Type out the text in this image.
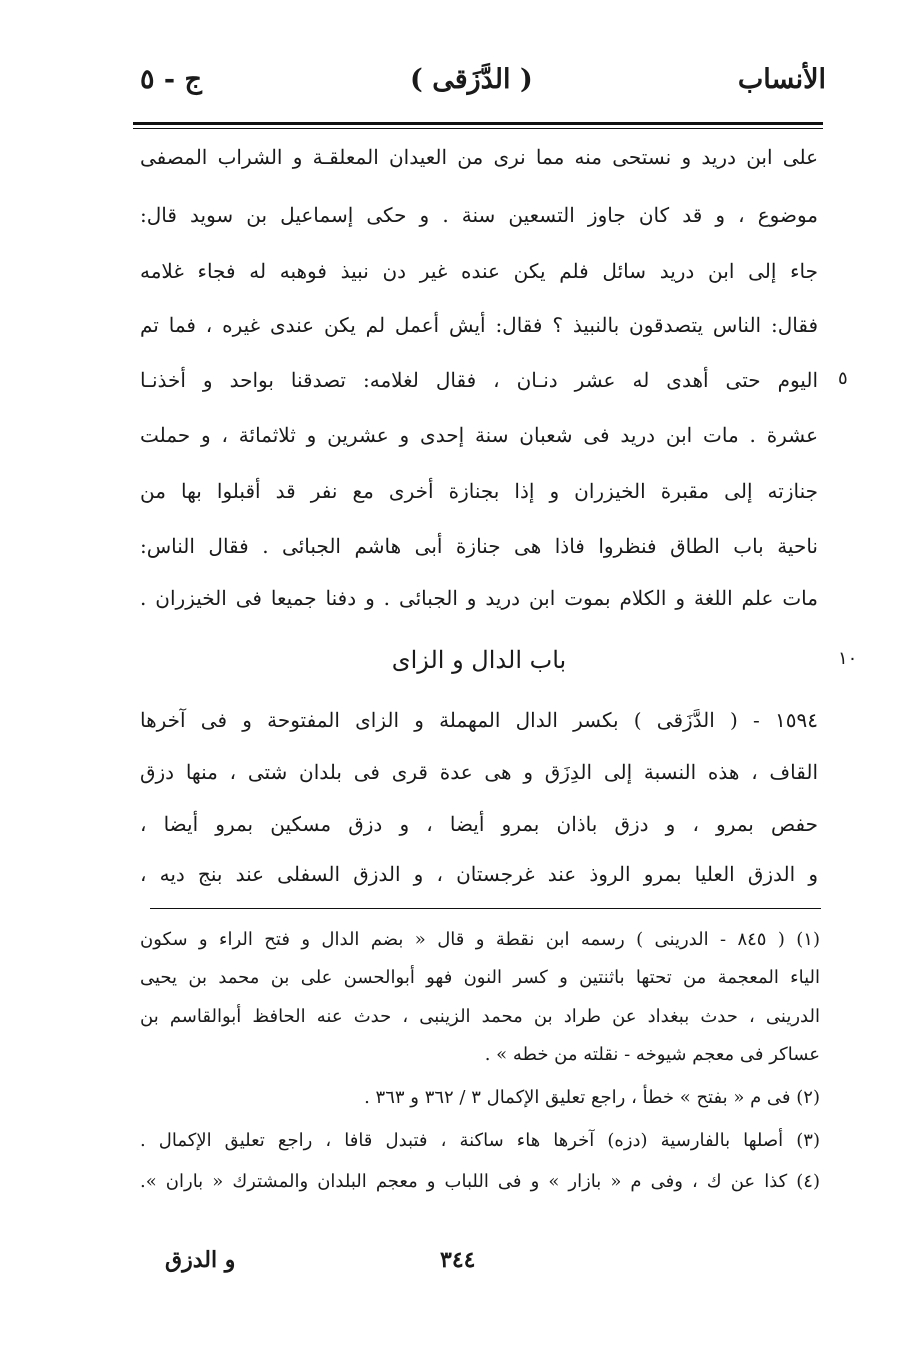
الأنساب
( الدَّزَقی )
ج - ٥
على ابن درید و نستحی منه مما نرى من العیدان المعلقـة و الشراب المصفى
موضوع ، و قد كان جاوز التسعين سنة . و حكى إسماعيل بن سويد قال:
جاء إلى ابن درید سائل فلم یكن عنده غیر دن نبیذ فوهبه له فجاء غلامه
فقال: الناس يتصدقون بالنبیذ ؟ فقال: أیش أعمل لم یكن عندی غیره ، فما تم
الیوم حتى أهدى له عشر دنـان ، فقال لغلامه: تصدقنا بواحد و أخذنـا
عشرة . مات ابن درید فی شعبان سنة إحدى و عشرين و ثلاثمائة ، و حملت
جنازته إلى مقبرة الخیزران و إذا بجنازة أخرى مع نفر قد أقبلوا بها من
ناحیة باب الطاق فنظروا فاذا هی جنازة أبی هاشم الجبائی . فقال الناس:
مات علم اللغة و الكلام بموت ابن درید و الجبائی . و دفنا جمیعا فی الخیزران .
٥
باب الدال و الزای	١٠
١٥٩٤ - ( الدَّزَقی ) بكسر الدال المهملة و الزای المفتوحة و فی آخرها
القاف ، هذه النسبة إلى الدِزَق و هی عدة قرى فی بلدان شتى ، منها دزق
حفص بمرو ، و دزق باذان بمرو أیضا ، و دزق مسكین بمرو أیضا ،
و الدزق العلیا بمرو الروذ عند غرجستان ، و الدزق السفلى عند بنج دیه ،
(١) ( ٨٤٥ - الدرینی ) رسمه ابن نقطة و قال « بضم الدال و فتح الراء و سكون
الیاء المعجمة من تحتها باثنتین و كسر النون فهو أبوالحسن على بن محمد بن یحیى
الدرینی ، حدث ببغداد عن طراد بن محمد الزینبی ، حدث عنه الحافظ أبوالقاسم بن
عساكر فی معجم شیوخه - نقلته من خطه » .
(٢) فی م « بفتح » خطأ ، راجع تعلیق الإكمال ٣ / ٣٦٢ و ٣٦٣ .
(٣) أصلها بالفارسیة (دزه) آخرها هاء ساكنة ، فتبدل قافا ، راجع تعلیق الإكمال .
(٤) كذا عن ك ، وفی م « بازار » و فی اللباب و معجم البلدان والمشترك « باران ».
و الدزق	٣٤٤
